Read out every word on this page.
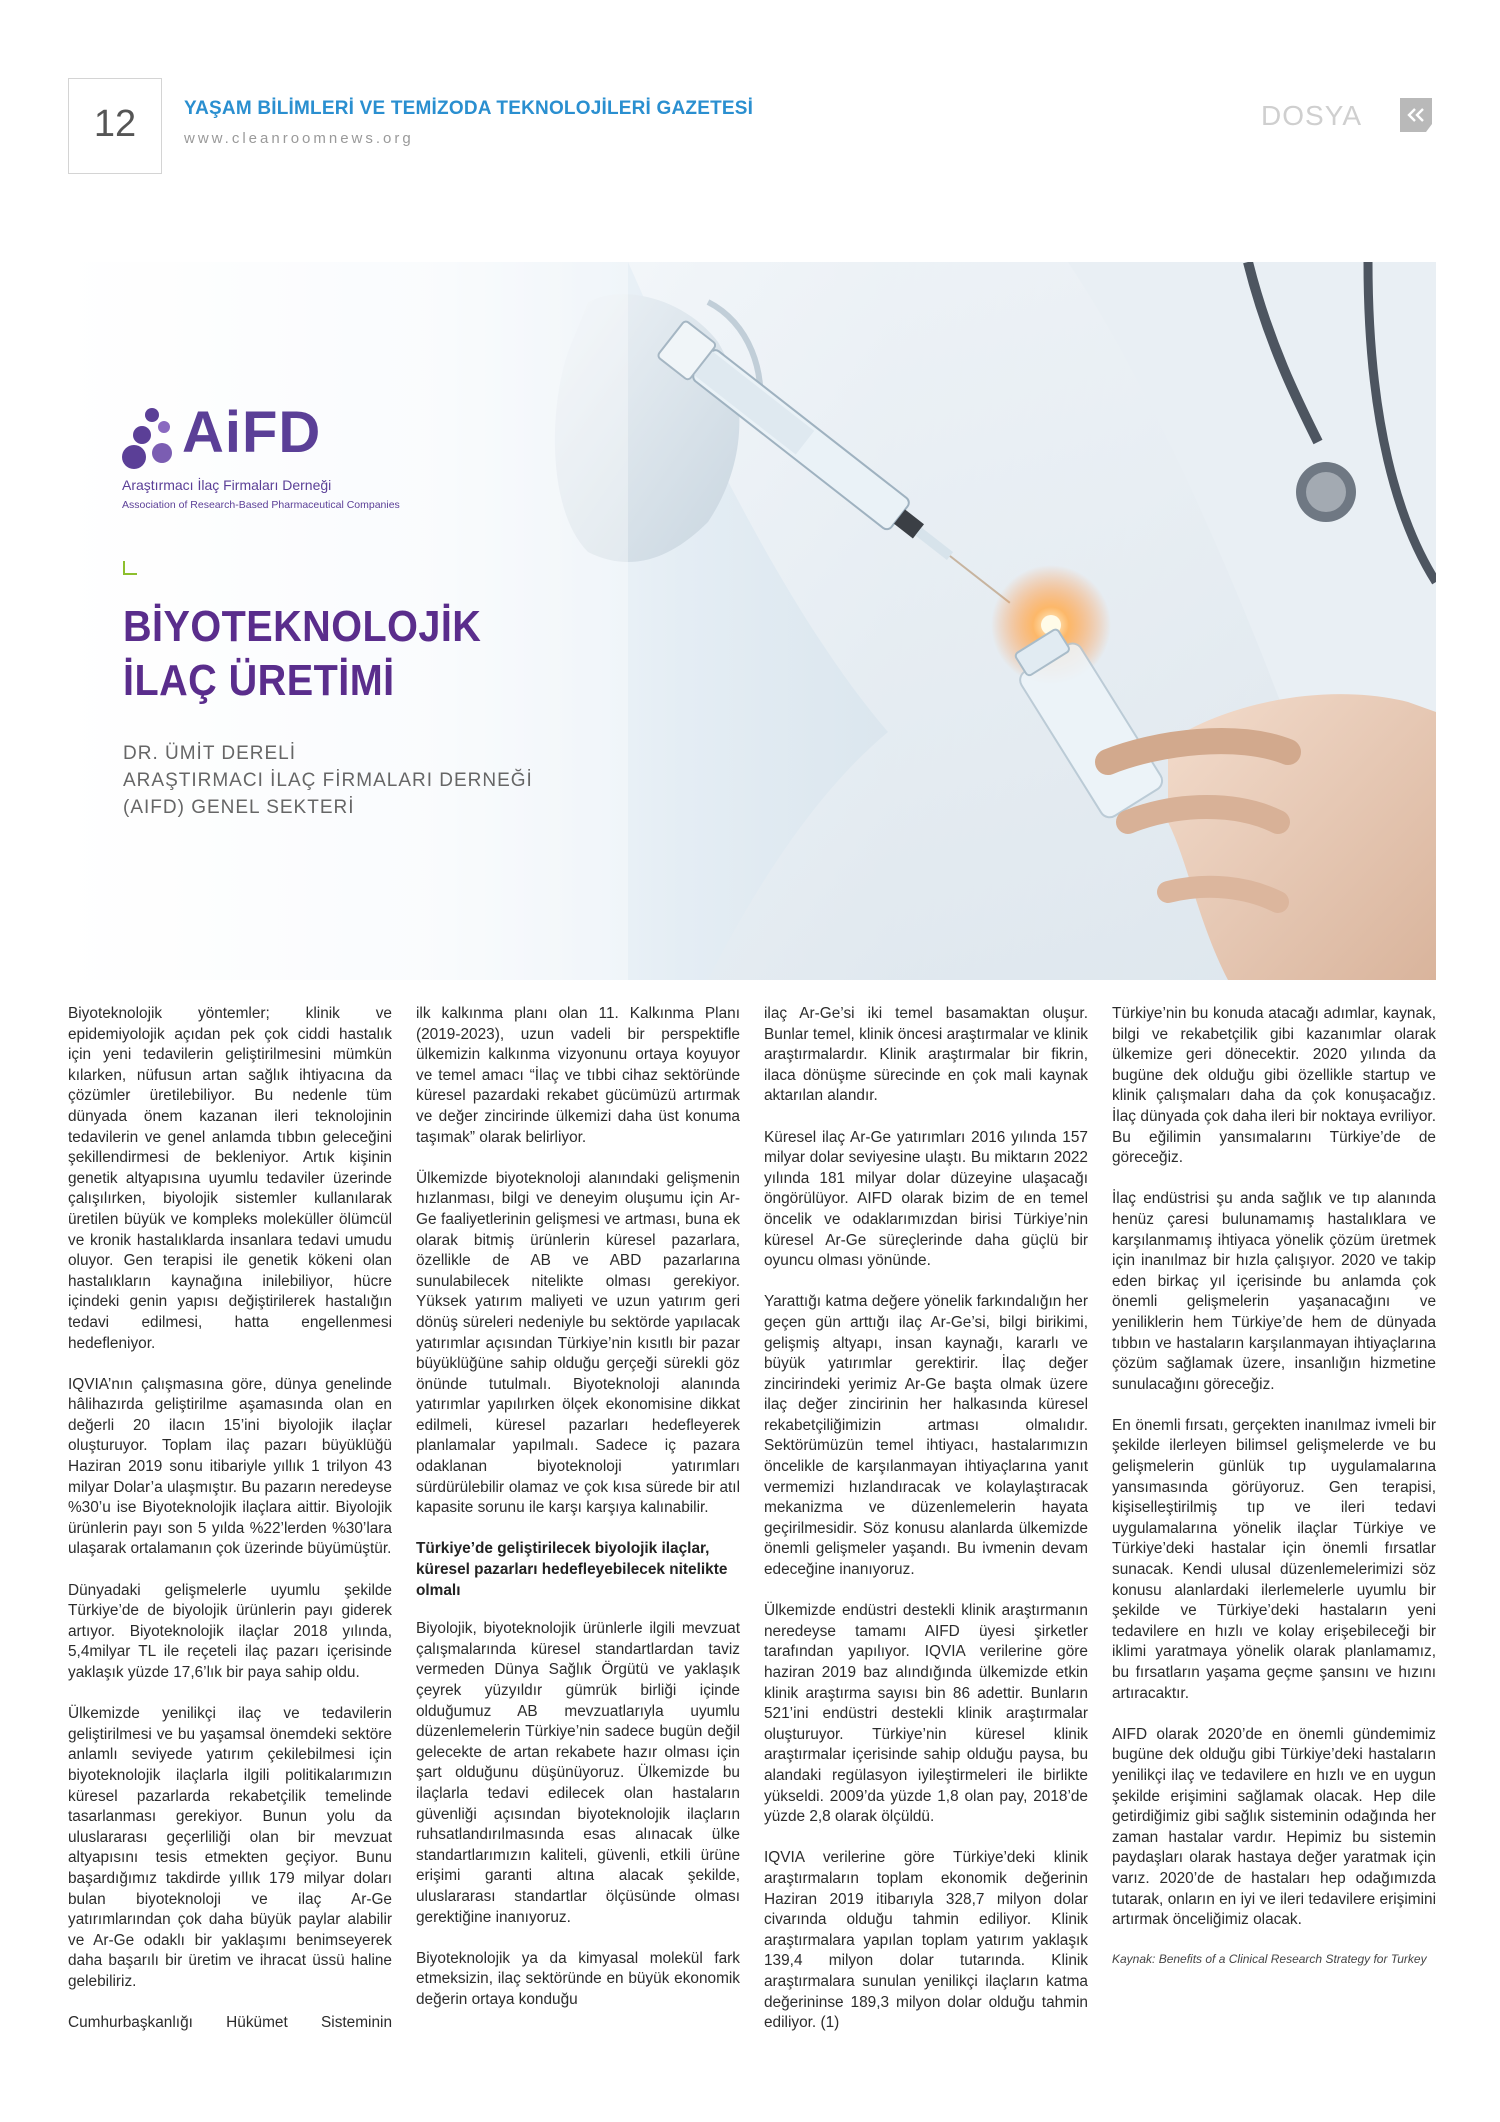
12	YAŞAM BİLİMLERİ VE TEMİZODA TEKNOLOJİLERİ GAZETESİ
www.cleanroomnews.org
DOSYA
AiFD
Araştırmacı İlaç Firmaları Derneği
Association of Research-Based Pharmaceutical Companies
BİYOTEKNOLOJİK
İLAÇ ÜRETİMİ
DR. ÜMİT DERELİ
ARAŞTIRMACI İLAÇ FİRMALARI DERNEĞİ
(AIFD) GENEL SEKTERİ

Biyoteknolojik yöntemler; klinik ve epidemiyolojik açıdan pek çok ciddi hastalık için yeni tedavilerin geliştirilmesini mümkün kılarken, nüfusun artan sağlık ihtiyacına da çözümler üretilebiliyor. Bu nedenle tüm dünyada önem kazanan ileri teknolojinin tedavilerin ve genel anlamda tıbbın geleceğini şekillendirmesi de bekleniyor. Artık kişinin genetik altyapısına uyumlu tedaviler üzerinde çalışılırken, biyolojik sistemler kullanılarak üretilen büyük ve kompleks moleküller ölümcül ve kronik hastalıklarda insanlara tedavi umudu oluyor. Gen terapisi ile genetik kökeni olan hastalıkların kaynağına inilebiliyor, hücre içindeki genin yapısı değiştirilerek hastalığın tedavi edilmesi, hatta engellenmesi hedefleniyor.

IQVIA’nın çalışmasına göre, dünya genelinde hâlihazırda geliştirilme aşamasında olan en değerli 20 ilacın 15’ini biyolojik ilaçlar oluşturuyor. Toplam ilaç pazarı büyüklüğü Haziran 2019 sonu itibariyle yıllık 1 trilyon 43 milyar Dolar’a ulaşmıştır. Bu pazarın neredeyse %30’u ise Biyoteknolojik ilaçlara aittir. Biyolojik ürünlerin payı son 5 yılda %22’lerden %30’lara ulaşarak ortalamanın çok üzerinde büyümüştür.

Dünyadaki gelişmelerle uyumlu şekilde Türkiye’de de biyolojik ürünlerin payı giderek artıyor. Biyoteknolojik ilaçlar 2018 yılında, 5,4milyar TL ile reçeteli ilaç pazarı içerisinde yaklaşık yüzde 17,6’lık bir paya sahip oldu.

Ülkemizde yenilikçi ilaç ve tedavilerin geliştirilmesi ve bu yaşamsal önemdeki sektöre anlamlı seviyede yatırım çekilebilmesi için biyoteknolojik ilaçlarla ilgili politikalarımızın küresel pazarlarda rekabetçilik temelinde tasarlanması gerekiyor. Bunun yolu da uluslararası geçerliliği olan bir mevzuat altyapısını tesis etmekten geçiyor. Bunu başardığımız takdirde yıllık 179 milyar doları bulan biyoteknoloji ve ilaç Ar-Ge yatırımlarından çok daha büyük paylar alabilir ve Ar-Ge odaklı bir yaklaşımı benimseyerek daha başarılı bir üretim ve ihracat üssü haline gelebiliriz.

Cumhurbaşkanlığı Hükümet Sisteminin

ilk kalkınma planı olan 11. Kalkınma Planı (2019-2023), uzun vadeli bir perspektifle ülkemizin kalkınma vizyonunu ortaya koyuyor ve temel amacı “İlaç ve tıbbi cihaz sektöründe küresel pazardaki rekabet gücümüzü artırmak ve değer zincirinde ülkemizi daha üst konuma taşımak” olarak belirliyor.

Ülkemizde biyoteknoloji alanındaki gelişmenin hızlanması, bilgi ve deneyim oluşumu için Ar-Ge faaliyetlerinin gelişmesi ve artması, buna ek olarak bitmiş ürünlerin küresel pazarlara, özellikle de AB ve ABD pazarlarına sunulabilecek nitelikte olması gerekiyor. Yüksek yatırım maliyeti ve uzun yatırım geri dönüş süreleri nedeniyle bu sektörde yapılacak yatırımlar açısından Türkiye’nin kısıtlı bir pazar büyüklüğüne sahip olduğu gerçeği sürekli göz önünde tutulmalı. Biyoteknoloji alanında yatırımlar yapılırken ölçek ekonomisine dikkat edilmeli, küresel pazarları hedefleyerek planlamalar yapılmalı. Sadece iç pazara odaklanan biyoteknoloji yatırımları sürdürülebilir olamaz ve çok kısa sürede bir atıl kapasite sorunu ile karşı karşıya kalınabilir.

Türkiye’de geliştirilecek biyolojik ilaçlar, küresel pazarları hedefleyebilecek nitelikte olmalı

Biyolojik, biyoteknolojik ürünlerle ilgili mevzuat çalışmalarında küresel standartlardan taviz vermeden Dünya Sağlık Örgütü ve yaklaşık çeyrek yüzyıldır gümrük birliği içinde olduğumuz AB mevzuatlarıyla uyumlu düzenlemelerin Türkiye’nin sadece bugün değil gelecekte de artan rekabete hazır olması için şart olduğunu düşünüyoruz. Ülkemizde bu ilaçlarla tedavi edilecek olan hastaların güvenliği açısından biyoteknolojik ilaçların ruhsatlandırılmasında esas alınacak ülke standartlarımızın kaliteli, güvenli, etkili ürüne erişimi garanti altına alacak şekilde, uluslararası standartlar ölçüsünde olması gerektiğine inanıyoruz.

Biyoteknolojik ya da kimyasal molekül fark etmeksizin, ilaç sektöründe en büyük ekonomik değerin ortaya konduğu

ilaç Ar-Ge’si iki temel basamaktan oluşur. Bunlar temel, klinik öncesi araştırmalar ve klinik araştırmalardır. Klinik araştırmalar bir fikrin, ilaca dönüşme sürecinde en çok mali kaynak aktarılan alandır.

Küresel ilaç Ar-Ge yatırımları 2016 yılında 157 milyar dolar seviyesine ulaştı. Bu miktarın 2022 yılında 181 milyar dolar düzeyine ulaşacağı öngörülüyor. AIFD olarak bizim de en temel öncelik ve odaklarımızdan birisi Türkiye’nin küresel Ar-Ge süreçlerinde daha güçlü bir oyuncu olması yönünde.

Yarattığı katma değere yönelik farkındalığın her geçen gün arttığı ilaç Ar-Ge’si, bilgi birikimi, gelişmiş altyapı, insan kaynağı, kararlı ve büyük yatırımlar gerektirir. İlaç değer zincirindeki yerimiz Ar-Ge başta olmak üzere ilaç değer zincirinin her halkasında küresel rekabetçiliğimizin artması olmalıdır. Sektörümüzün temel ihtiyacı, hastalarımızın öncelikle de karşılanmayan ihtiyaçlarına yanıt vermemizi hızlandıracak ve kolaylaştıracak mekanizma ve düzenlemelerin hayata geçirilmesidir. Söz konusu alanlarda ülkemizde önemli gelişmeler yaşandı. Bu ivmenin devam edeceğine inanıyoruz.

Ülkemizde endüstri destekli klinik araştırmanın neredeyse tamamı AIFD üyesi şirketler tarafından yapılıyor. IQVIA verilerine göre haziran 2019 baz alındığında ülkemizde etkin klinik araştırma sayısı bin 86 adettir. Bunların 521’ini endüstri destekli klinik araştırmalar oluşturuyor. Türkiye’nin küresel klinik araştırmalar içerisinde sahip olduğu paysa, bu alandaki regülasyon iyileştirmeleri ile birlikte yükseldi. 2009’da yüzde 1,8 olan pay, 2018’de yüzde 2,8 olarak ölçüldü.

IQVIA verilerine göre Türkiye’deki klinik araştırmaların toplam ekonomik değerinin Haziran 2019 itibarıyla 328,7 milyon dolar civarında olduğu tahmin ediliyor. Klinik araştırmalara yapılan toplam yatırım yaklaşık 139,4 milyon dolar tutarında. Klinik araştırmalara sunulan yenilikçi ilaçların katma değerininse 189,3 milyon dolar olduğu tahmin ediliyor. (1)

Türkiye’nin bu konuda atacağı adımlar, kaynak, bilgi ve rekabetçilik gibi kazanımlar olarak ülkemize geri dönecektir. 2020 yılında da bugüne dek olduğu gibi özellikle startup ve klinik çalışmaları daha da çok konuşacağız. İlaç dünyada çok daha ileri bir noktaya evriliyor. Bu eğilimin yansımalarını Türkiye’de de göreceğiz.

İlaç endüstrisi şu anda sağlık ve tıp alanında henüz çaresi bulunamamış hastalıklara ve karşılanmamış ihtiyaca yönelik çözüm üretmek için inanılmaz bir hızla çalışıyor. 2020 ve takip eden birkaç yıl içerisinde bu anlamda çok önemli gelişmelerin yaşanacağını ve yeniliklerin hem Türkiye’de hem de dünyada tıbbın ve hastaların karşılanmayan ihtiyaçlarına çözüm sağlamak üzere, insanlığın hizmetine sunulacağını göreceğiz.

En önemli fırsatı, gerçekten inanılmaz ivmeli bir şekilde ilerleyen bilimsel gelişmelerde ve bu gelişmelerin günlük tıp uygulamalarına yansımasında görüyoruz. Gen terapisi, kişiselleştirilmiş tıp ve ileri tedavi uygulamalarına yönelik ilaçlar Türkiye ve Türkiye’deki hastalar için önemli fırsatlar sunacak. Kendi ulusal düzenlemelerimizi söz konusu alanlardaki ilerlemelerle uyumlu bir şekilde ve Türkiye’deki hastaların yeni tedavilere en hızlı ve kolay erişebileceği bir iklimi yaratmaya yönelik olarak planlamamız, bu fırsatların yaşama geçme şansını ve hızını artıracaktır.

AIFD olarak 2020’de en önemli gündemimiz bugüne dek olduğu gibi Türkiye’deki hastaların yenilikçi ilaç ve tedavilere en hızlı ve en uygun şekilde erişimini sağlamak olacak. Hep dile getirdiğimiz gibi sağlık sisteminin odağında her zaman hastalar vardır. Hepimiz bu sistemin paydaşları olarak hastaya değer yaratmak için varız. 2020’de de hastaları hep odağımızda tutarak, onların en iyi ve ileri tedavilere erişimini artırmak önceliğimiz olacak.

Kaynak: Benefits of a Clinical Research Strategy for Turkey
